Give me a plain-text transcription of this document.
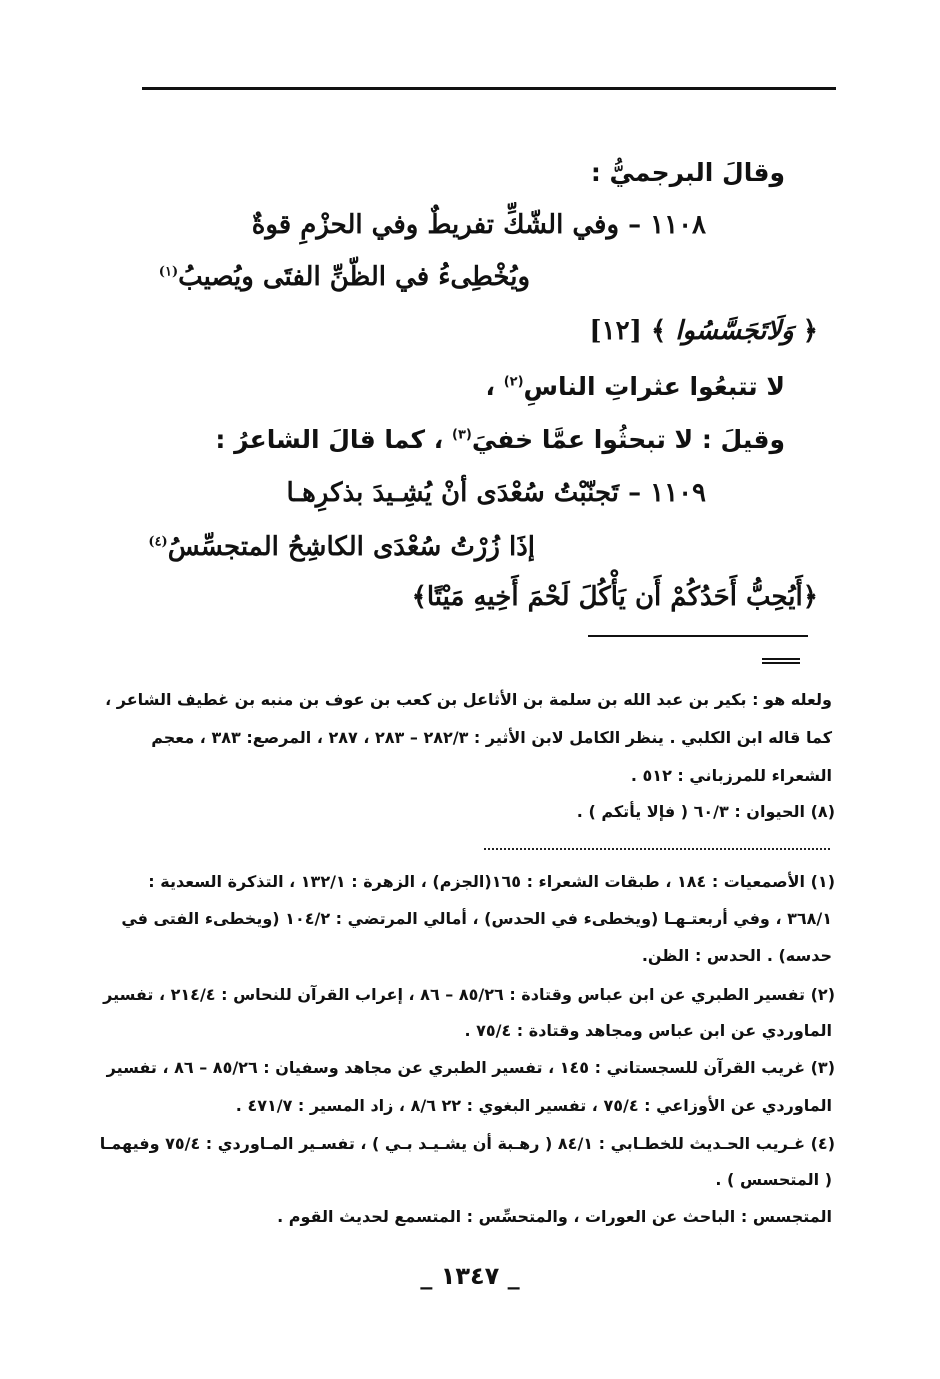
وقالَ البرجميُّ :
١١٠٨ – وفي الشّكِّ تفريطٌ وفي الحزْمِ قوةٌ
ويُخْطِىءُ في الظّنِّ الفتَى ويُصيبُ$^{(١)}$
﴿ وَلَاتَجَسَّسُوا ﴾ [١٢]
لا تتبعُوا عثراتِ الناسِ$^{(٢)}$ ،
وقيلَ : لا تبحثُوا عمَّا خفيَ$^{(٣)}$ ، كما قالَ الشاعرُ :
١١٠٩ – تَجنّبْتُ سُعْدَى أنْ يُشِـيدَ بذكرِهـا
إذَا زُرْتُ سُعْدَى الكاشِحُ المتجسِّسُ$^{(٤)}$
﴿أَيُحِبُّ أَحَدُكُمْ أَن يَأْكُلَ لَحْمَ أَخِيهِ مَيْتًا﴾
ولعله هو : بكير بن عبد الله بن سلمة بن الأثاعل بن كعب بن عوف بن منبه بن غطيف الشاعر ،
كما قاله ابن الكلبي . ينظر الكامل لابن الأثير : ٢٨٢/٣ – ٢٨٣ ، ٢٨٧ ، المرصع: ٣٨٣ ، معجم
الشعراء للمرزباني : ٥١٢ .
(٨) الحيوان : ٦٠/٣ ( فإلا يأتكم ) .
(١) الأصمعيات : ١٨٤ ، طبقات الشعراء : ١٦٥(الجزم) ، الزهرة : ١٣٢/١ ، التذكرة السعدية :
٣٦٨/١ ، وفي أربعتـهـا (ويخطىء في الحدس) ، أمالي المرتضي : ١٠٤/٢ (ويخطىء الفتى في
حدسه) . الحدس : الظن.
(٢) تفسير الطبري عن ابن عباس وقتادة : ٨٥/٢٦ – ٨٦ ، إعراب القرآن للنحاس : ٢١٤/٤ ، تفسير
الماوردي عن ابن عباس ومجاهد وقتادة : ٧٥/٤ .
(٣) غريب القرآن للسجستاني : ١٤٥ ، تفسير الطبري عن مجاهد وسفيان : ٨٥/٢٦ – ٨٦ ، تفسير
الماوردي عن الأوزاعي : ٧٥/٤ ، تفسير البغوي : ٢٢ ٨/٦ ، زاد المسير : ٤٧١/٧ .
(٤) غـريب الحـديث للخطـابي : ٨٤/١ ( رهـبة أن يشـيـد بـي ) ، تفسـير المـاوردي : ٧٥/٤ وفيهمـا
( المتحسس ) .
المتجسس : الباحث عن العورات ، والمتحسِّس : المتسمع لحديث القوم .
_ ١٣٤٧ _
